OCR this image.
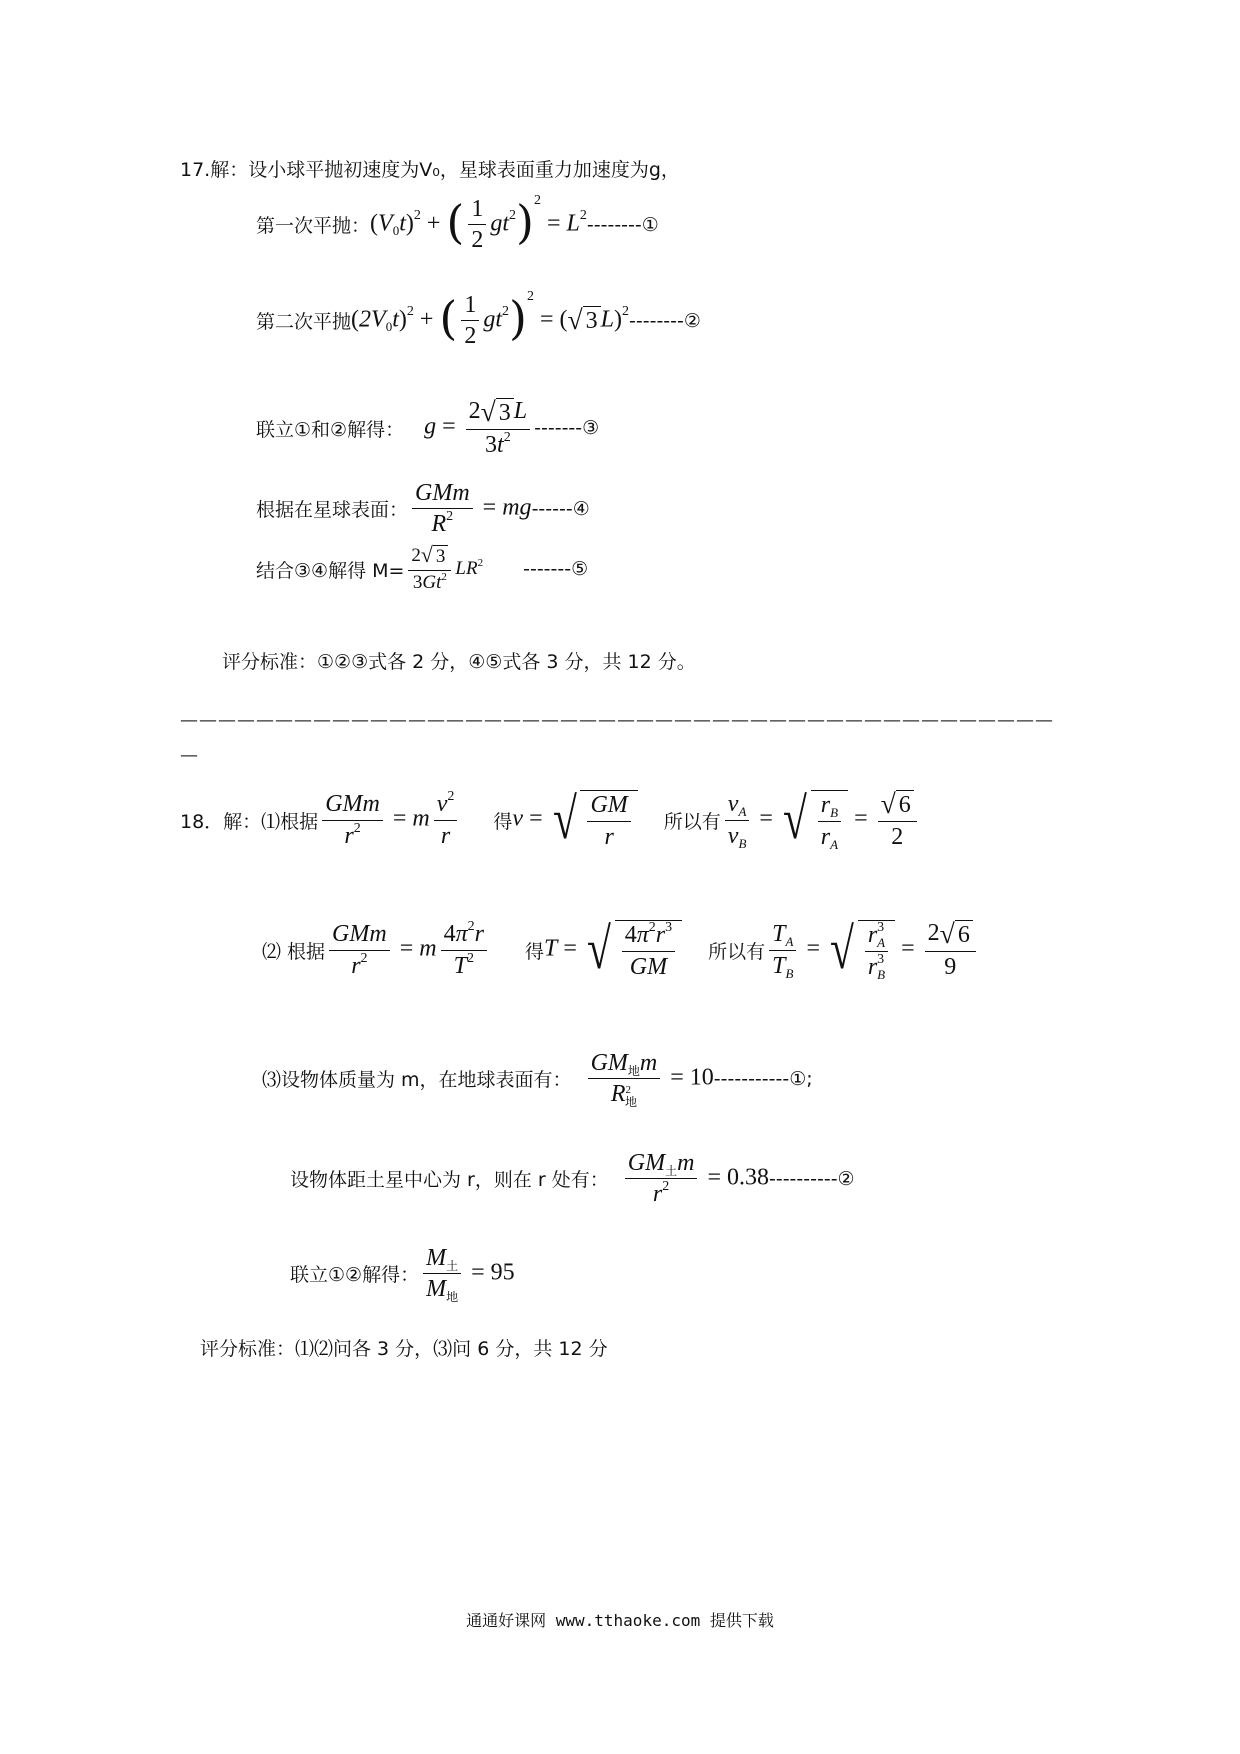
17.解：设小球平抛初速度为V₀，星球表面重力加速度为g，
第一次平抛： $(V_0t)^2$ + ( $\frac{1}{2} gt^2)^2 = L^2$ --------①
第二次平抛 $(2V_0t)^2$ + ( $\frac{1}{2} gt^2)^2$ = ( √ 3 L)$^2$ --------②
联立①和②解得： $g = \frac{2 √ 3 L}{3t^2}$ -------③
根据在星球表面： $\frac{\text{GMm}}{R^2}$ = mg ------④
结合③④解得 $M= \frac{2 √ 3}{3Gt^2} LR^2$ -------⑤
评分标准：①②③式各 2 分，④⑤式各 3 分，共 12 分。
——————————————————————————————————————————————
—
18．解：⑴根据 $\frac{\text{GMm}}{r^2} = m \frac{v^2}{r}$ 得 v = √ $\frac{GM}{r}$ 所以有 $\frac{v_A}{v_B}$ = √ $\frac{r_B}{r_A} = \frac{√ 6}{2}$
⑵ 根据 $\frac{\text{GMm}}{r^2} = m \frac{4\pi^2r}{T^2}$ 得 T = √ $\frac{4\pi^2r^3}{GM}$ 所以有 $\frac{T_A}{T_B}$ = √ $\frac{r^3_A}{r^3_B} = \frac{2 √ 6}{9}$
⑶设物体质量为 m，在地球表面有： $\frac{GM_地m}{R^2_地} = 10$ -----------①;
设物体距土星中心为 r，则在 r 处有： $\frac{GM_土m}{r^2} = 0.38$ ----------②
联立①②解得： $\frac{M_土}{M_地} = 95$
评分标准：⑴⑵问各 3 分，⑶问 6 分，共 12 分
通通好课网 www.tthaoke.com 提供下载
